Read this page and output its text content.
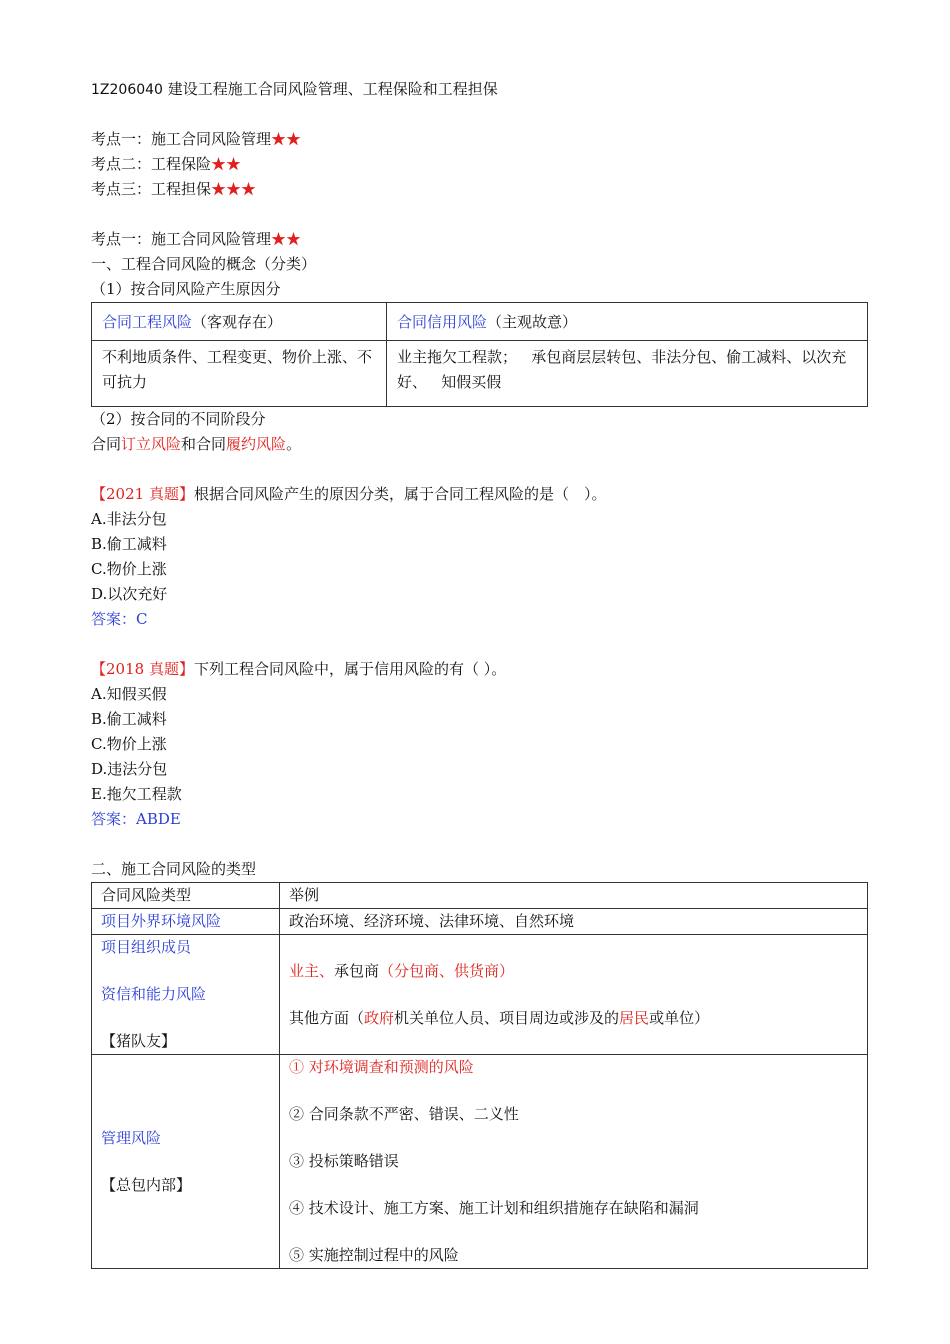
1Z206040 建设工程施工合同风险管理、工程保险和工程担保
考点一：施工合同风险管理★★
考点二：工程保险★★
考点三：工程担保★★★
考点一：施工合同风险管理★★
一、工程合同风险的概念（分类）
（1）按合同风险产生原因分
合同工程风险（客观存在）	合同信用风险（主观故意）
不利地质条件、工程变更、物价上涨、不可抗力	业主拖欠工程款；   承包商层层转包、非法分包、偷工减料、以次充好、   知假买假
（2）按合同的不同阶段分
合同订立风险和合同履约风险。
【2021 真题】根据合同风险产生的原因分类，属于合同工程风险的是（　）。
A.非法分包
B.偷工减料
C.物价上涨
D.以次充好
答案：C
【2018 真题】下列工程合同风险中，属于信用风险的有（ ）。
A.知假买假
B.偷工减料
C.物价上涨
D.违法分包
E.拖欠工程款
答案：ABDE
二、施工合同风险的类型
合同风险类型	举例
项目外界环境风险	政治环境、经济环境、法律环境、自然环境

项目组织成员
资信和能力风险
【猪队友】	业主、承包商（分包商、供货商）
其他方面（政府机关单位人员、项目周边或涉及的居民或单位）

管理风险
【总包内部】	① 对环境调查和预测的风险
② 合同条款不严密、错误、二义性
③ 投标策略错误
④ 技术设计、施工方案、施工计划和组织措施存在缺陷和漏洞
⑤ 实施控制过程中的风险
